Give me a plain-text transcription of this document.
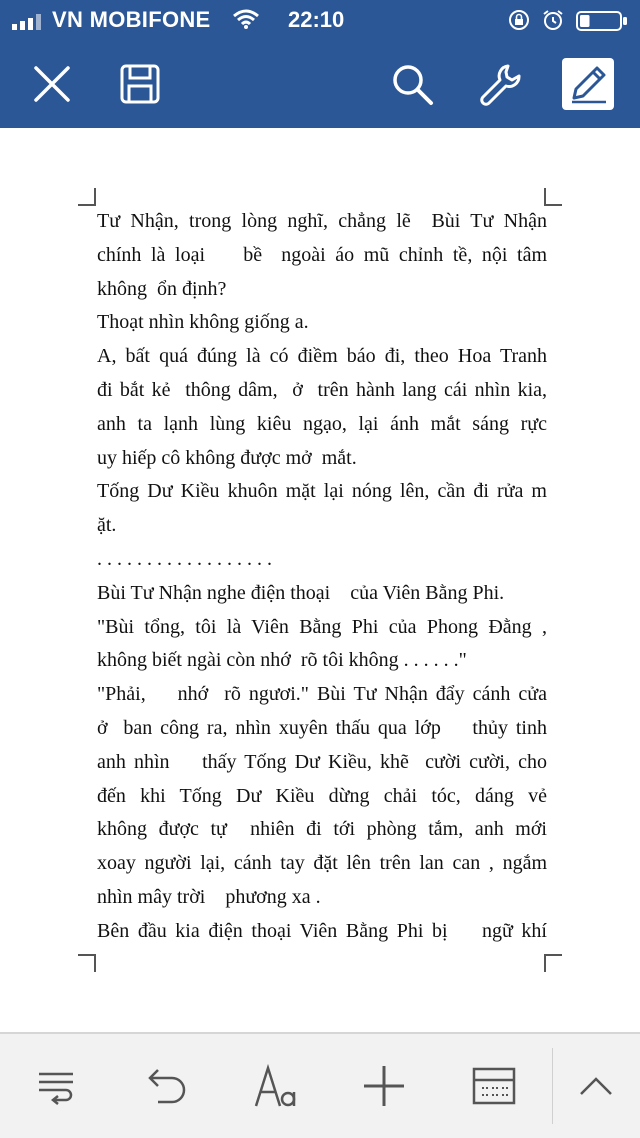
VN MOBIFONE	22:10
Tư Nhận, trong lòng nghĩ, chẳng lẽ  Bùi Tư Nhận
chính là loại    bề  ngoài áo mũ chỉnh tề, nội tâm
không  ổn định?
Thoạt nhìn không giống a.
A, bất quá đúng là có điềm báo đi, theo Hoa Tranh
đi bắt kẻ  thông dâm,  ở  trên hành lang cái nhìn kia,
anh ta lạnh lùng kiêu ngạo, lại ánh mắt sáng rực
uy hiếp cô không được mở  mắt.
Tống Dư Kiều khuôn mặt lại nóng lên, cần đi rửa m
ặt.
. . . . . . . . . . . . . . . . . .
Bùi Tư Nhận nghe điện thoại    của Viên Bằng Phi.
"Bùi tổng, tôi là Viên Bằng Phi của Phong Đằng ,
không biết ngài còn nhớ  rõ tôi không . . . . . ."
"Phải,    nhớ  rõ ngươi." Bùi Tư Nhận đẩy cánh cửa
ở  ban công ra, nhìn xuyên thấu qua lớp    thủy tinh
anh nhìn    thấy Tống Dư Kiều, khẽ  cười cười, cho
đến khi Tống Dư Kiều dừng chải tóc, dáng vẻ
không được tự  nhiên đi tới phòng tắm, anh mới
xoay người lại, cánh tay đặt lên trên lan can , ngắm
nhìn mây trời    phương xa .
Bên đầu kia điện thoại Viên Bằng Phi bị    ngữ khí
